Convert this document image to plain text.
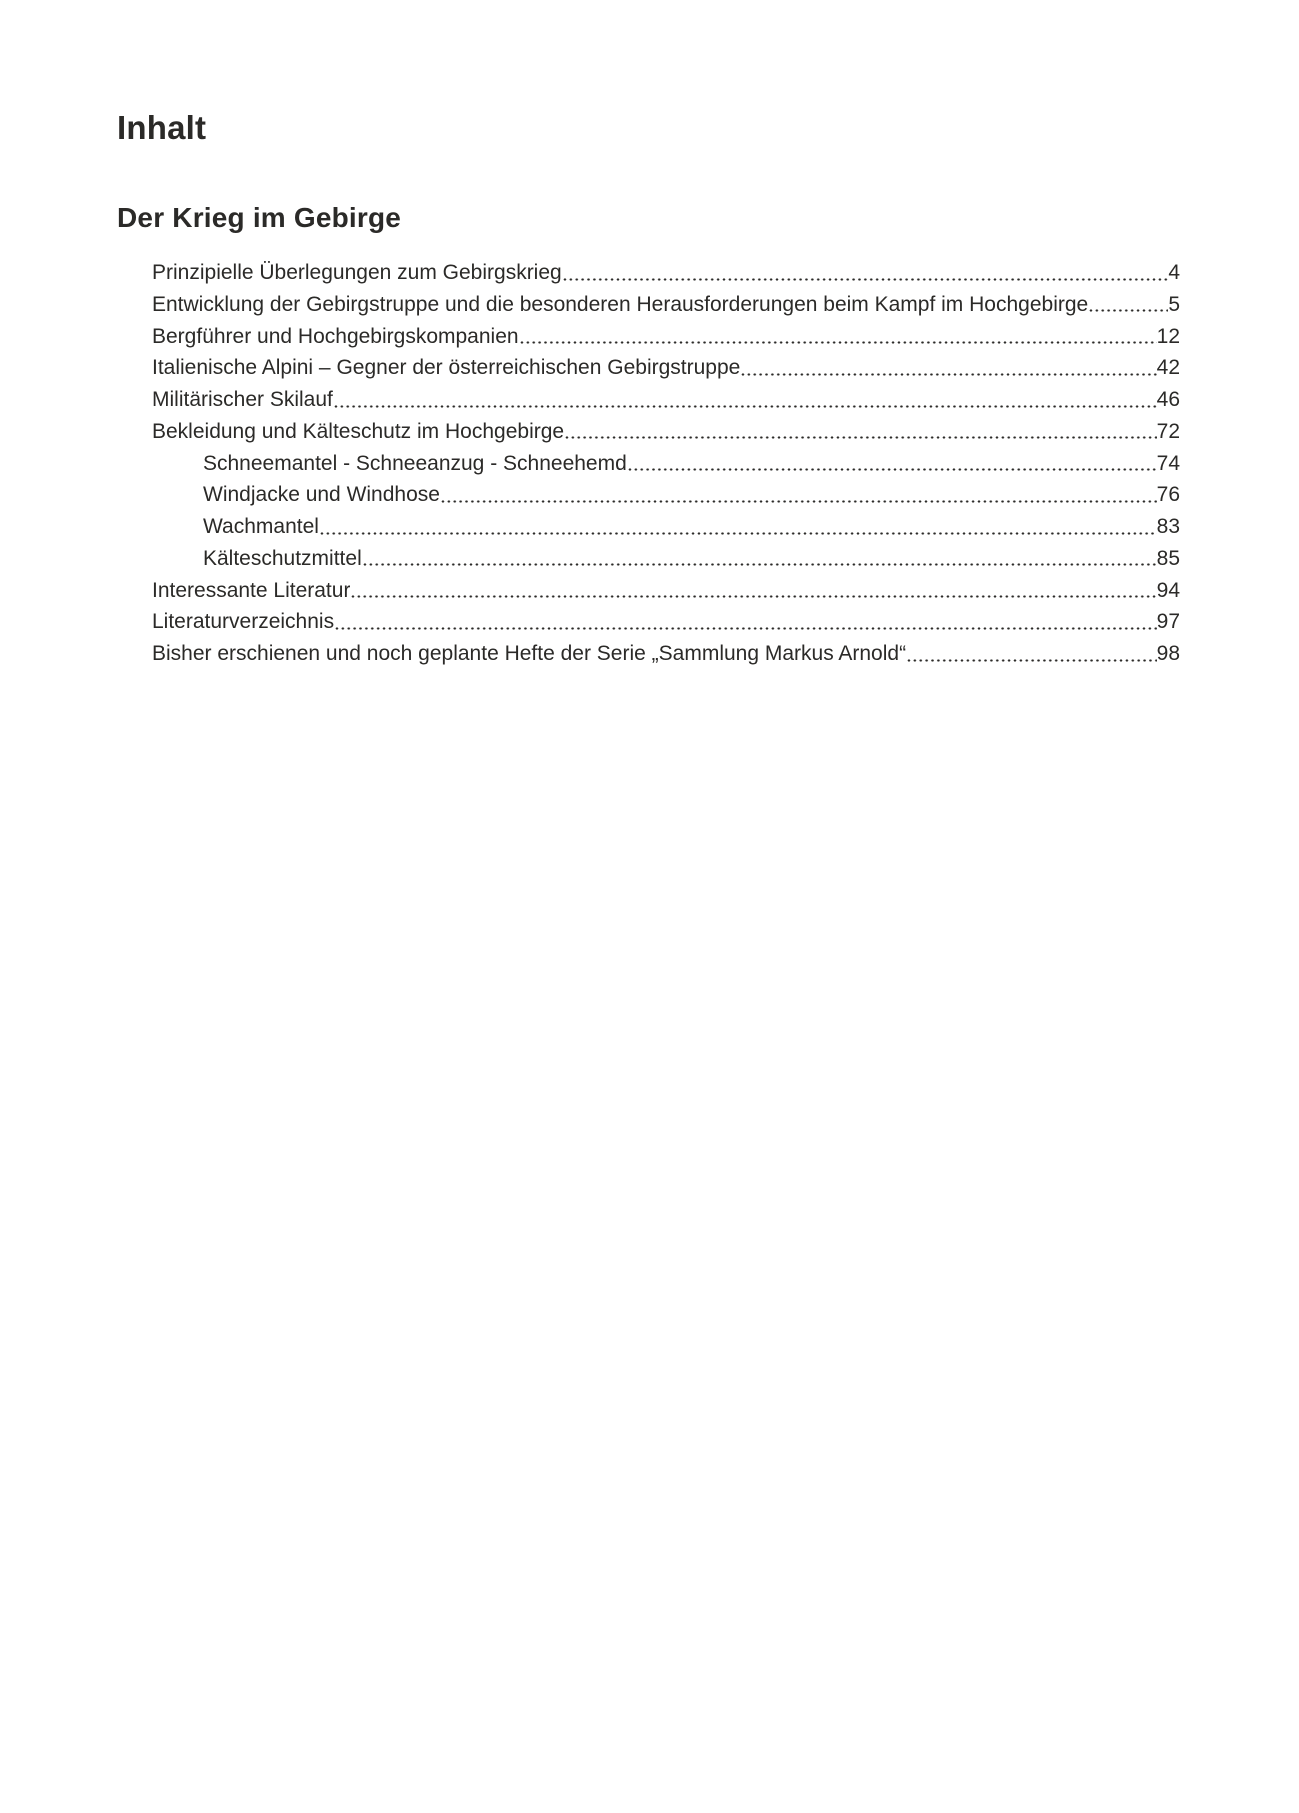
Inhalt
Der Krieg im Gebirge
Prinzipielle Überlegungen zum Gebirgskrieg	4
Entwicklung der Gebirgstruppe und die besonderen Herausforderungen beim Kampf im Hochgebirge	5
Bergführer und Hochgebirgskompanien	12
Italienische Alpini – Gegner der österreichischen Gebirgstruppe	42
Militärischer Skilauf	46
Bekleidung und Kälteschutz im Hochgebirge	72
Schneemantel - Schneeanzug - Schneehemd	74
Windjacke und Windhose	76
Wachmantel	83
Kälteschutzmittel	85
Interessante Literatur	94
Literaturverzeichnis	97
Bisher erschienen und noch geplante Hefte der Serie „Sammlung Markus Arnold“	98
